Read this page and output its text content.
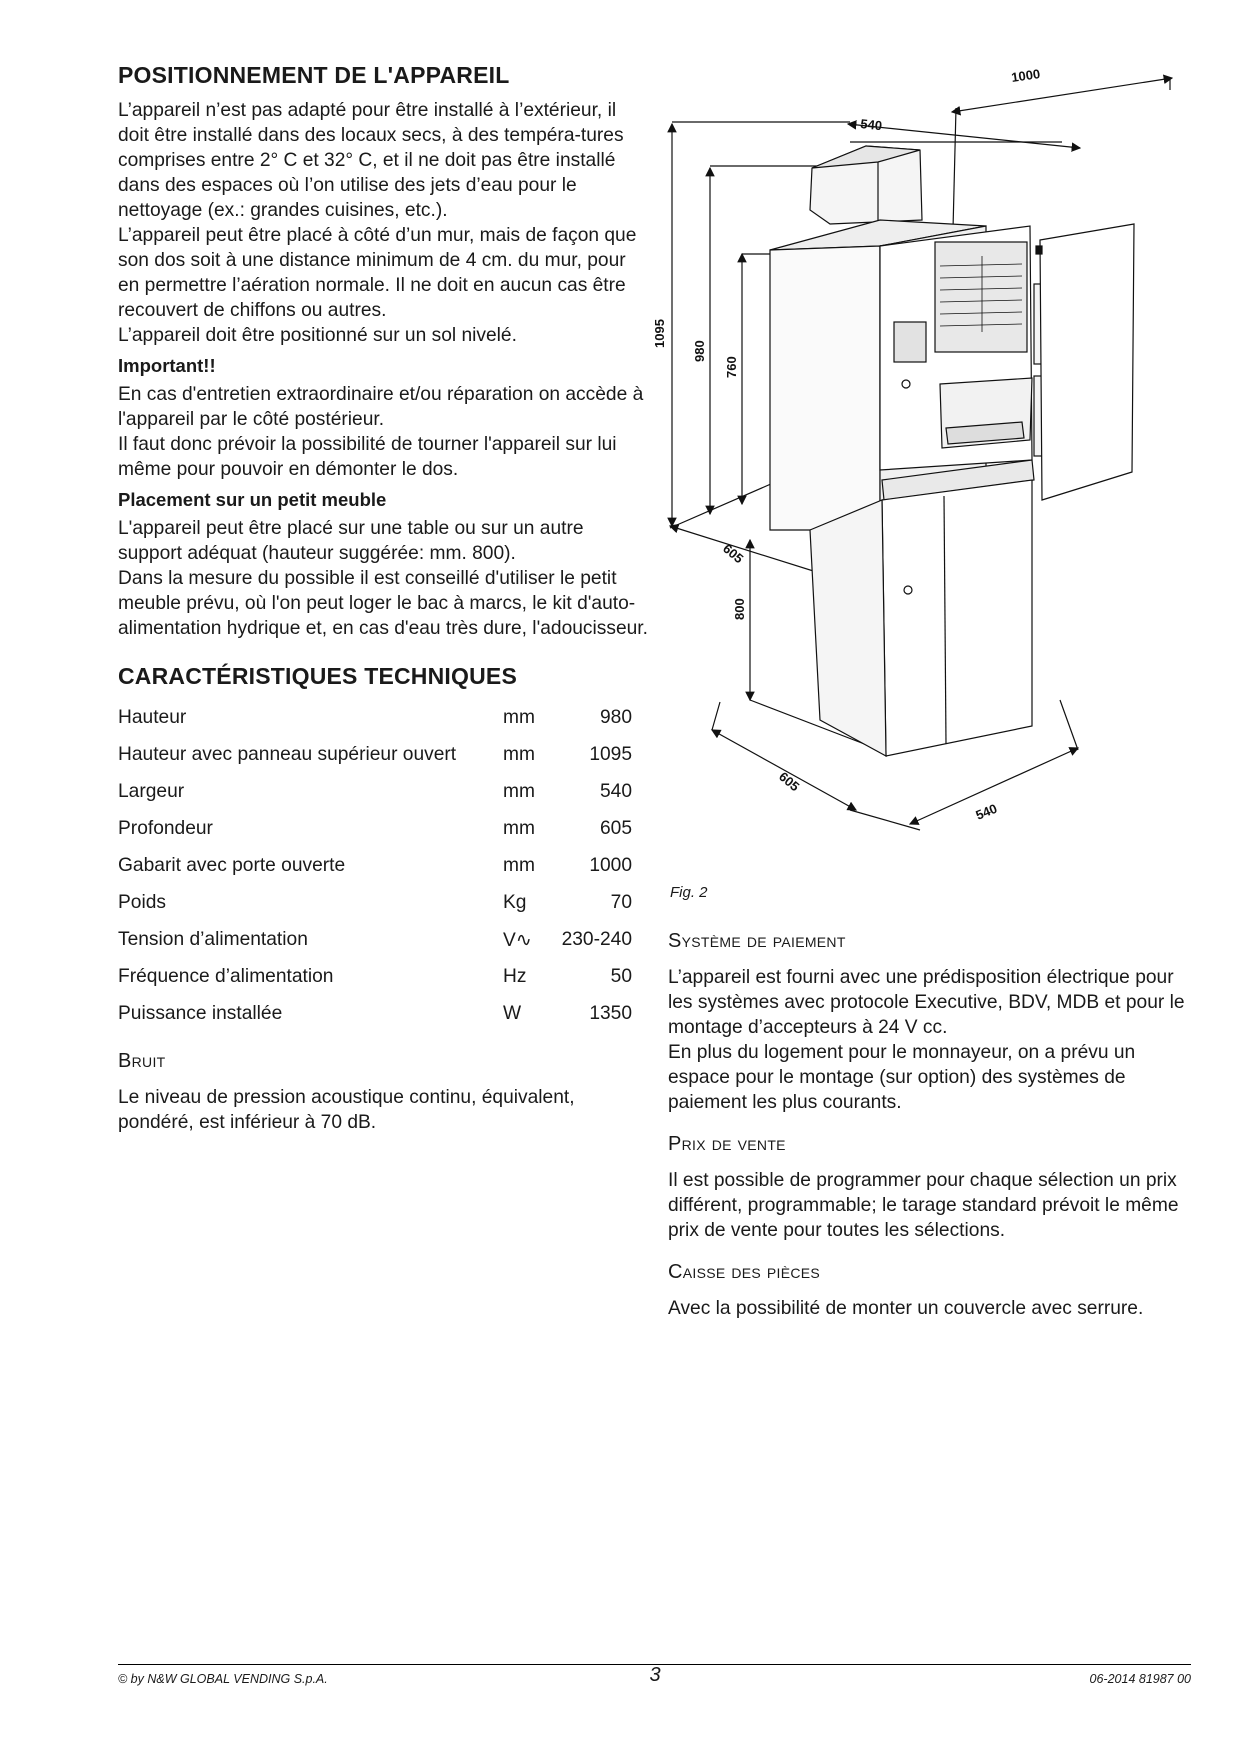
POSITIONNEMENT DE L'APPAREIL

L’appareil n’est pas adapté pour être installé à l’extérieur, il doit être installé dans des locaux secs, à des tempéra-tures comprises entre 2° C et 32° C, et il ne doit pas être installé dans des espaces où l’on utilise des jets d’eau pour le nettoyage (ex.: grandes cuisines, etc.).

L’appareil peut être placé à côté d’un mur, mais de façon que son dos soit à une distance minimum de 4 cm. du mur, pour en permettre l’aération normale. Il ne doit en aucun cas être recouvert de chiffons ou autres.

L’appareil doit être positionné sur un sol nivelé.

Important!!

En cas d'entretien extraordinaire et/ou réparation on accède à l'appareil par le côté postérieur.

Il faut donc prévoir la possibilité de tourner l'appareil sur lui même pour pouvoir en démonter le dos.

Placement sur un petit meuble

L'appareil peut être placé sur une table ou sur un autre support adéquat (hauteur suggérée: mm. 800).

Dans la mesure du possible il est conseillé d'utiliser le petit meuble prévu, où l'on peut loger le bac à marcs, le kit d'auto-alimentation hydrique et, en cas d'eau très dure, l'adoucisseur.

CARACTÉRISTIQUES TECHNIQUES
Hauteur	mm	980
Hauteur avec panneau supérieur ouvert	mm	1095
Largeur	mm	540
Profondeur	mm	605
Gabarit avec porte ouverte	mm	1000
Poids	Kg	70
Tension d’alimentation	V∿	230-240
Fréquence d’alimentation	Hz	50
Puissance installée	W	1350
Bruit

Le niveau de pression acoustique continu, équivalent, pondéré, est inférieur à 70 dB.

1000
540
1095
980
760
605
800
605
540
Fig. 2
Système de paiement

L’appareil est fourni avec une prédisposition électrique pour les systèmes avec protocole Executive, BDV, MDB et pour le montage d’accepteurs à 24 V cc.

En plus du logement pour le monnayeur, on a prévu un espace pour le montage (sur option) des systèmes de paiement les plus courants.

Prix de vente

Il est possible de programmer pour chaque sélection un prix différent, programmable; le tarage standard prévoit le même prix de vente pour toutes les sélections.

Caisse des pièces

Avec la possibilité de monter un couvercle avec serrure.

© by N&W GLOBAL VENDING S.p.A.	3	06-2014 81987 00
